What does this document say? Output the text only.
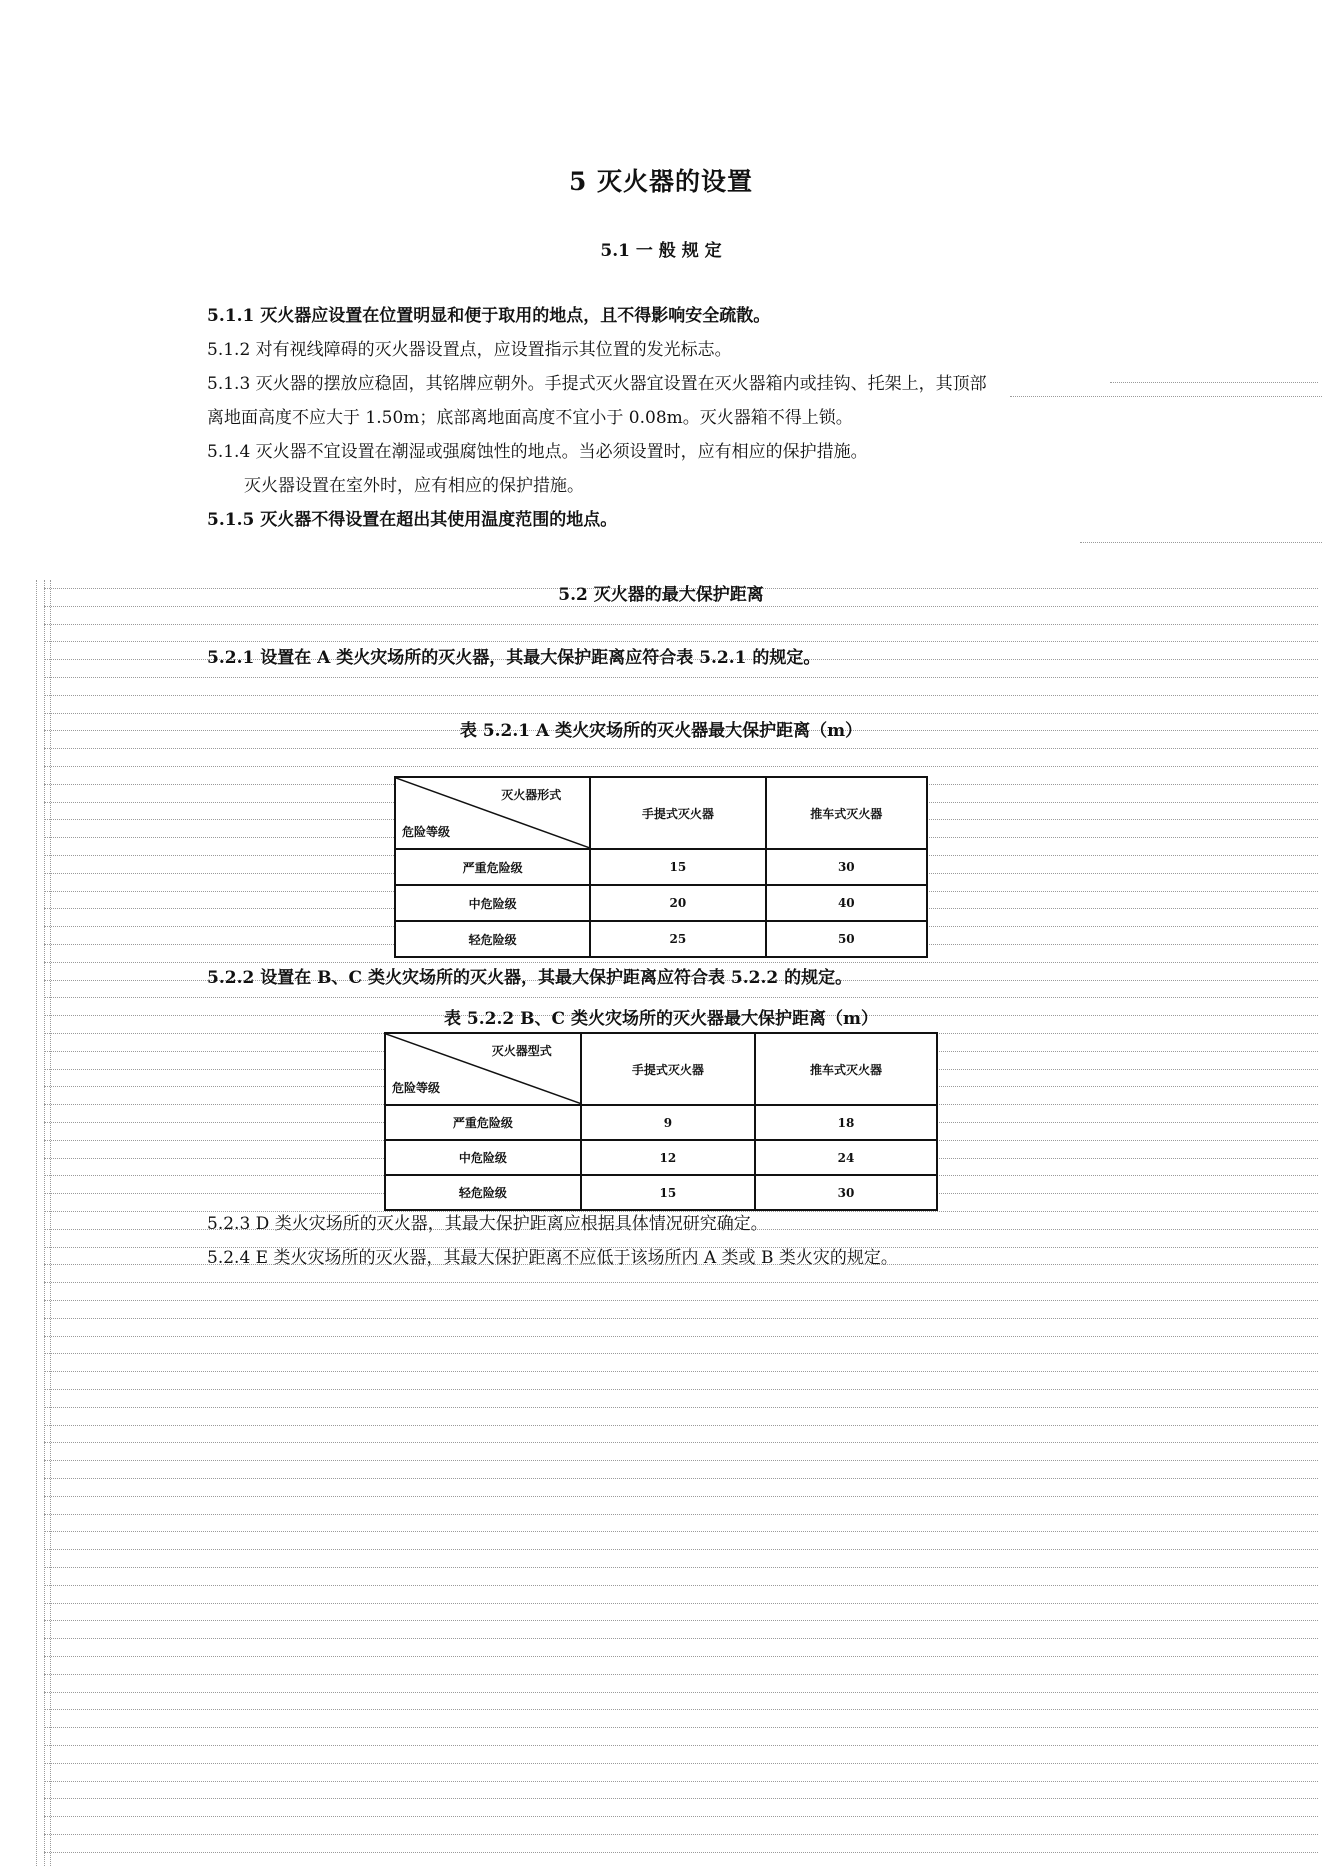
5 灭火器的设置
5.1 一 般 规 定
5.1.1 灭火器应设置在位置明显和便于取用的地点，且不得影响安全疏散。
5.1.2 对有视线障碍的灭火器设置点，应设置指示其位置的发光标志。
5.1.3 灭火器的摆放应稳固，其铭牌应朝外。手提式灭火器宜设置在灭火器箱内或挂钩、托架上，其顶部
离地面高度不应大于 1.50m；底部离地面高度不宜小于 0.08m。灭火器箱不得上锁。
5.1.4 灭火器不宜设置在潮湿或强腐蚀性的地点。当必须设置时，应有相应的保护措施。
灭火器设置在室外时，应有相应的保护措施。
5.1.5 灭火器不得设置在超出其使用温度范围的地点。
5.2 灭火器的最大保护距离
5.2.1 设置在 A 类火灾场所的灭火器，其最大保护距离应符合表 5.2.1 的规定。
表 5.2.1 A 类火灾场所的灭火器最大保护距离（m）
灭火器形式
危险等级	手提式灭火器	推车式灭火器
严重危险级	15	30
中危险级	20	40
轻危险级	25	50
5.2.2 设置在 B、C 类火灾场所的灭火器，其最大保护距离应符合表 5.2.2 的规定。
表 5.2.2 B、C 类火灾场所的灭火器最大保护距离（m）
灭火器型式
危险等级	手提式灭火器	推车式灭火器
严重危险级	9	18
中危险级	12	24
轻危险级	15	30
5.2.3 D 类火灾场所的灭火器，其最大保护距离应根据具体情况研究确定。
5.2.4 E 类火灾场所的灭火器，其最大保护距离不应低于该场所内 A 类或 B 类火灾的规定。
